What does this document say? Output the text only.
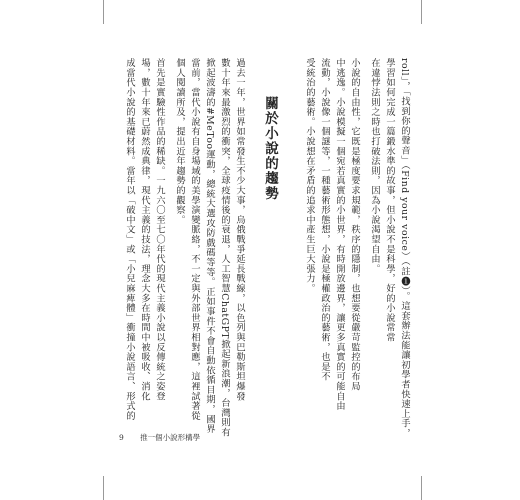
roll」，「找到你的聲音」（Find your voice）（註❶）。這套辦法能讓初學者快速上手，
學習如何完成一篇鍛水準的故事，但小說不是科學，好的小說常常
在違悖法則之時也打破法則，因為小說渴望自由。
小說的自由性，它既是極度要求規範，秩序的隱制，也想要從嚴苛監控的布局
中逃逸。小說模擬一個宛若真實的小世界，有時開放邊界，讓更多真實的可能自由
流動，小說像一個謎等，一種藝術形態想，小說是極權政治的藝術，也是不
受統治的藝術。小說想在矛盾的追求中產生巨大張力。
關於小說的趨勢
過去一年，世界如常發生不少大事，烏俄戰爭延長戰線，以色列與巴勒斯坦爆發
數十年來最激烈的衝突，全球疫情後的衰退，人工智慧ChatGPT掀起新浪潮，台灣則有
掀起波濤的#MeToo運動，總統大選攻防戲碼等等。正如事件不會自動依循目期，國界
當前，當代小說有自身場域的美學演變脈絡，不一定與外部世界相對應，這裡試著從
個人閱讀所及，提出近年趨勢的觀察。
首先是實驗性作品的稀缺。一九六〇至七〇年代的現代主義小說以反傳統之姿登
場，數十年來已蔚然成典律，現代主義的技法，理念大多在時間中被吸收、消化
成當代小說的基礎材料。當年以「破中文」或「小兒麻痺體」衝撞小說語言、形式的
9 推一個小說形構學
